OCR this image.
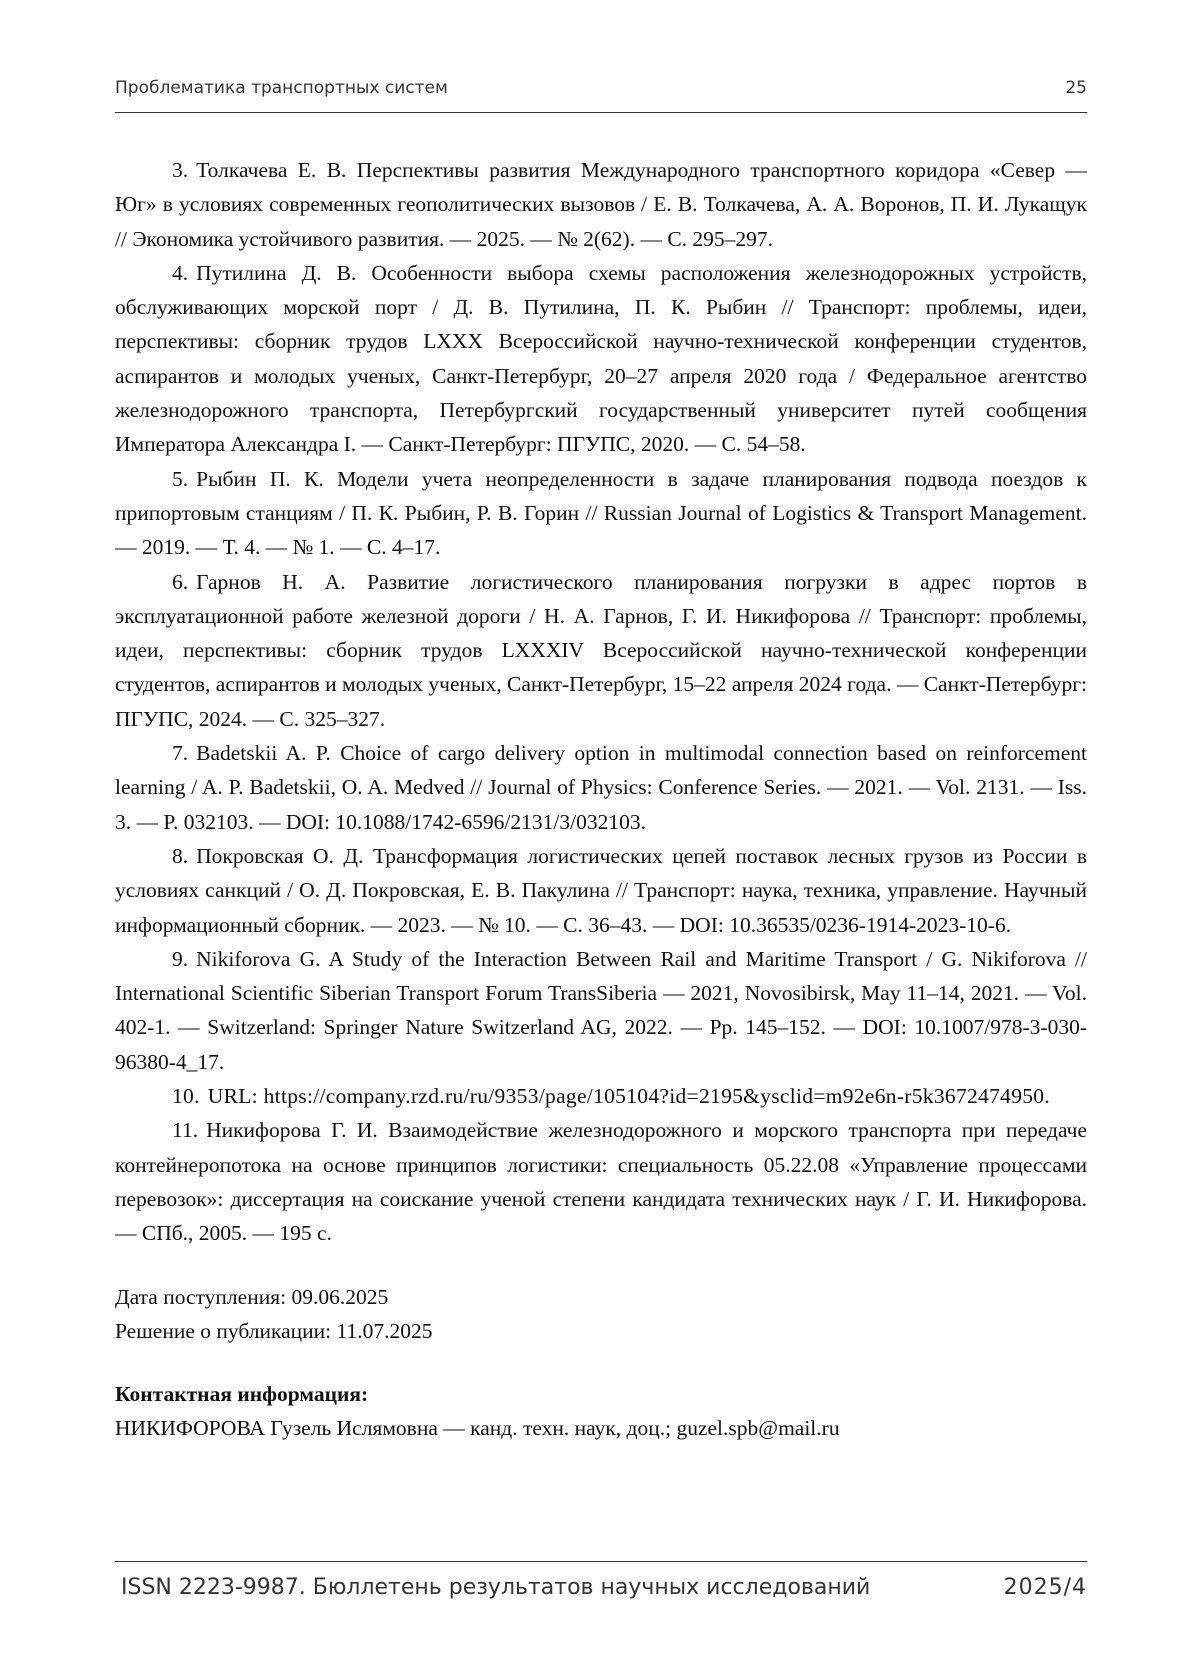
Проблематика транспортных систем	25

3. Толкачева Е. В. Перспективы развития Международного транспортного коридора «Север — Юг» в условиях современных геополитических вызовов / Е. В. Толкачева, А. А. Воронов, П. И. Лукащук // Экономика устойчивого развития. — 2025. — № 2(62). — С. 295–297.

4. Путилина Д. В. Особенности выбора схемы расположения железнодорожных устройств, обслуживающих морской порт / Д. В. Путилина, П. К. Рыбин // Транспорт: проблемы, идеи, перспективы: сборник трудов LXXX Всероссийской научно-технической конференции студентов, аспирантов и молодых ученых, Санкт-Петербург, 20–27 апреля 2020 года / Федеральное агентство железнодорожного транспорта, Петербургский государственный университет путей сообщения Императора Александра I. — Санкт-Петербург: ПГУПС, 2020. — С. 54–58.

5. Рыбин П. К. Модели учета неопределенности в задаче планирования подвода поездов к припортовым станциям / П. К. Рыбин, Р. В. Горин // Russian Journal of Logistics & Transport Management. — 2019. — Т. 4. — № 1. — С. 4–17.

6. Гарнов Н. А. Развитие логистического планирования погрузки в адрес портов в эксплуатационной работе железной дороги / Н. А. Гарнов, Г. И. Никифорова // Транспорт: проблемы, идеи, перспективы: сборник трудов LXXXIV Всероссийской научно-технической конференции студентов, аспирантов и молодых ученых, Санкт-Петербург, 15–22 апреля 2024 года. — Санкт-Петербург: ПГУПС, 2024. — С. 325–327.

7. Badetskii A. P. Choice of cargo delivery option in multimodal connection based on reinforcement learning / A. P. Badetskii, O. A. Medved // Journal of Physics: Conference Series. — 2021. — Vol. 2131. — Iss. 3. — P. 032103. — DOI: 10.1088/1742-6596/2131/3/032103.

8. Покровская О. Д. Трансформация логистических цепей поставок лесных грузов из России в условиях санкций / О. Д. Покровская, Е. В. Пакулина // Транспорт: наука, техника, управление. Научный информационный сборник. — 2023. — № 10. — С. 36–43. — DOI: 10.36535/0236-1914-2023-10-6.

9. Nikiforova G. A Study of the Interaction Between Rail and Maritime Transport / G. Nikiforova // International Scientific Siberian Transport Forum TransSiberia — 2021, Novosibirsk, May 11–14, 2021. — Vol. 402-1. — Switzerland: Springer Nature Switzerland AG, 2022. — Pp. 145–152. — DOI: 10.1007/978-3-030-96380-4_17.

10. URL: https://company.rzd.ru/ru/9353/page/105104?id=2195&ysclid=m92e6n-r5k3672474950.

11. Никифорова Г. И. Взаимодействие железнодорожного и морского транспорта при передаче контейнеропотока на основе принципов логистики: специальность 05.22.08 «Управление процессами перевозок»: диссертация на соискание ученой степени кандидата технических наук / Г. И. Никифорова. — СПб., 2005. — 195 с.

Дата поступления: 09.06.2025
Решение о публикации: 11.07.2025
Контактная информация:
НИКИФОРОВА Гузель Ислямовна — канд. техн. наук, доц.; guzel.spb@mail.ru
ISSN 2223-9987. Бюллетень результатов научных исследований	2025/4
